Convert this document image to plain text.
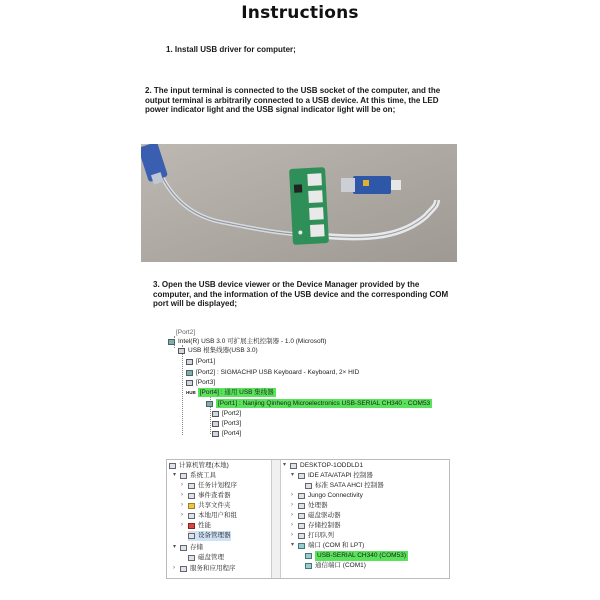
Instructions
1. Install USB driver for computer;
2. The input terminal is connected to the USB socket of the computer, and the output terminal is arbitrarily connected to a USB device. At this time, the LED power indicator light and the USB signal indicator light will be on;
3. Open the USB device viewer or the Device Manager provided by the computer, and the information of the USB device and the corresponding COM port will be displayed;
[Port2]
Intel(R) USB 3.0 可扩展主机控制器 - 1.0 (Microsoft)
USB 根集线器(USB 3.0)
[Port1]
[Port2] : SIGMACHIP USB Keyboard - Keyboard, 2× HID
[Port3]
HUB [Port4] : 通用 USB 集线器
[Port1] : Nanjing Qinheng Microelectronics USB-SERIAL CH340 - COM53
[Port2]
[Port3]
[Port4]
计算机管理(本地)
▾	系统工具
›	任务计划程序
›	事件查看器
›	共享文件夹
›	本地用户和组
›	性能
设备管理器
▾	存储
磁盘管理
›	服务和应用程序
▾	DESKTOP-1ODDLD1
▾	IDE ATA/ATAPI 控制器
标准 SATA AHCI 控制器
›	Jungo Connectivity
›	处理器
›	磁盘驱动器
›	存储控制器
›	打印队列
▾	端口 (COM 和 LPT)
USB-SERIAL CH340 (COM53)
通信端口 (COM1)
